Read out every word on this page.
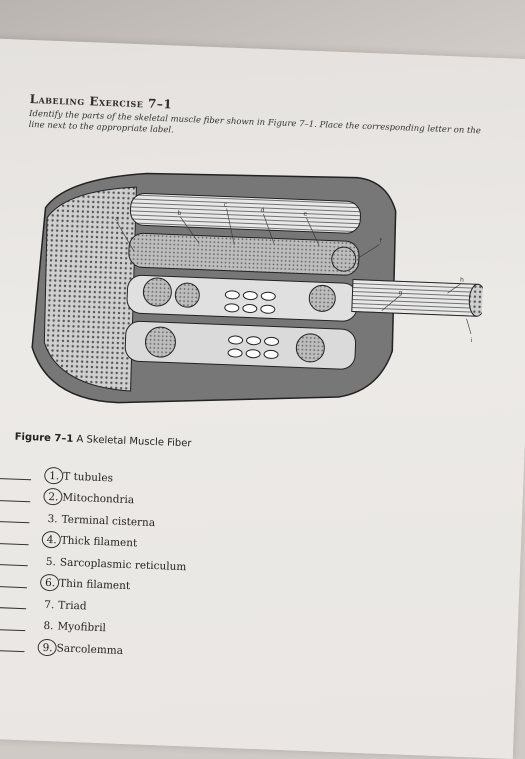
Labeling Exercise 7–1
Identify the parts of the skeletal muscle fiber shown in Figure 7–1. Place the corresponding letter on the line next to the appropriate label.
a
b
c
d
e
f
g
h
i
Figure 7–1 A Skeletal Muscle Fiber
1. T tubules
2. Mitochondria
3. Terminal cisterna
4. Thick filament
5. Sarcoplasmic reticulum
6. Thin filament
7. Triad
8. Myofibril
9. Sarcolemma
